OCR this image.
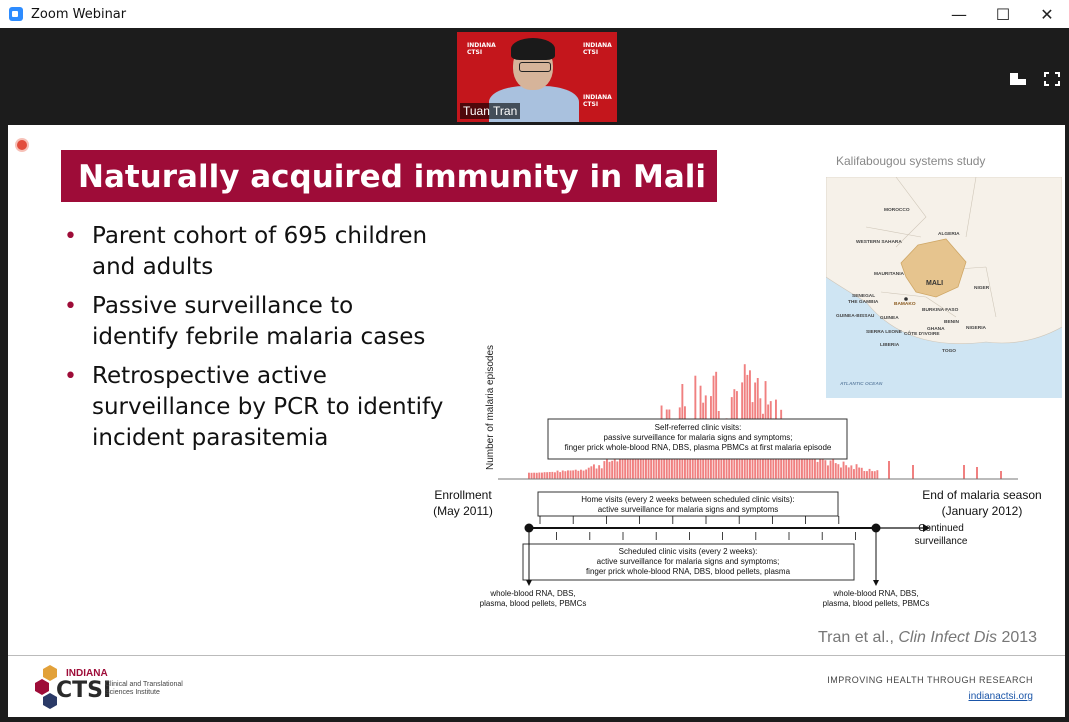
Zoom Webinar	—	☐	✕
INDIANA
CTSI
INDIANA
CTSI
INDIANA
CTSI
Tuan Tran
Naturally acquired immunity in Mali
• Parent cohort of 695 children and adults
• Passive surveillance to identify febrile malaria cases
• Retrospective active surveillance by PCR to identify incident parasitemia
Kalifabougou systems study
MOROCCO
ALGERIA
WESTERN SAHARA
MAURITANIA
MALI
NIGER
SENEGAL
THE GAMBIA
GUINEA-BISSAU GUINEA
BAMAKO
BURKINA FASO
BENIN
SIERRA LEONE
LIBERIA
CÔTE D'IVOIRE
GHANA	NIGERIA
TOGO
ATLANTIC OCEAN
Number of malaria episodes	Self-referred clinic visits:
passive surveillance for malaria signs and symptoms;
finger prick whole-blood RNA, DBS, plasma PBMCs at first malaria episode
Enrollment
(May 2011)
End of malaria season
(January 2012)
Home visits (every 2 weeks between scheduled clinic visits):
active surveillance for malaria signs and symptoms
Continued
surveillance
Scheduled clinic visits (every 2 weeks):
active surveillance for malaria signs and symptoms;
finger prick whole-blood RNA, DBS, blood pellets, plasma
whole-blood RNA, DBS,
plasma, blood pellets, PBMCs
whole-blood RNA, DBS,
plasma, blood pellets, PBMCs
Tran et al., Clin Infect Dis 2013
INDIANA
CTSI
Clinical and Translational Sciences Institute
IMPROVING HEALTH THROUGH RESEARCH
indianactsi.org
